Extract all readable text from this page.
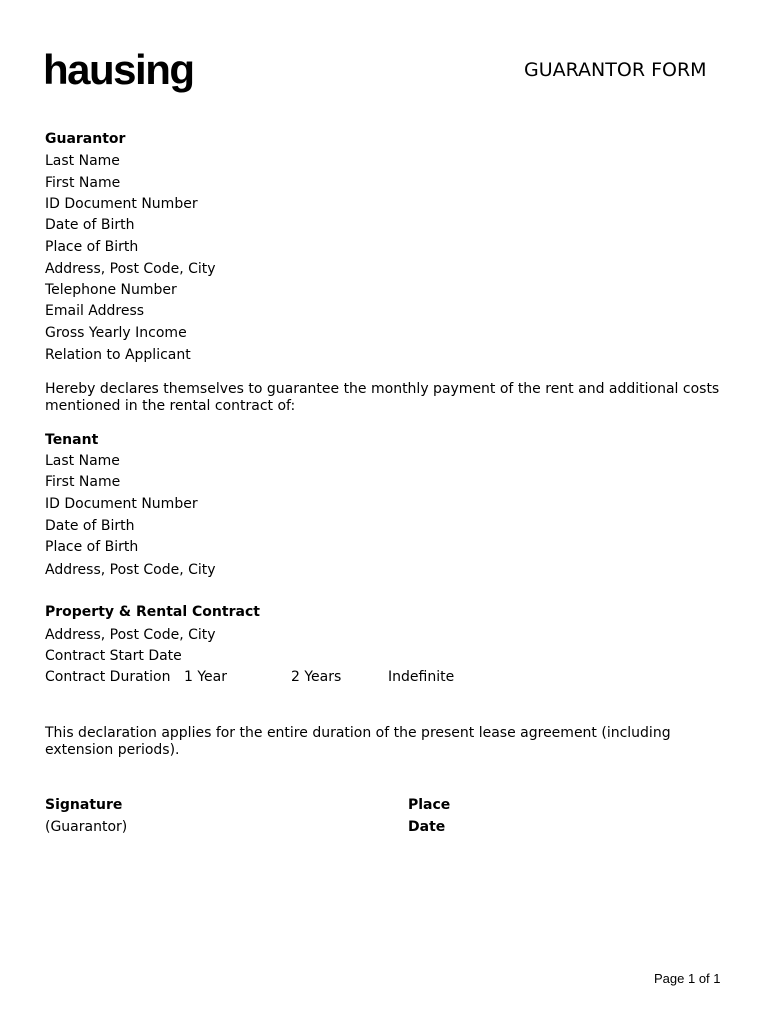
hausing	GUARANTOR FORM
Guarantor
Last Name
First Name
ID Document Number
Date of Birth
Place of Birth
Address, Post Code, City
Telephone Number
Email Address
Gross Yearly Income
Relation to Applicant
Hereby declares themselves to guarantee the monthly payment of the rent and additional costs mentioned in the rental contract of:
Tenant
Last Name
First Name
ID Document Number
Date of Birth
Place of Birth
Address, Post Code, City
Property & Rental Contract
Address, Post Code, City
Contract Start Date
Contract Duration 1 Year	2 Years	Indefinite
This declaration applies for the entire duration of the present lease agreement (including extension periods).
Signature
(Guarantor)
Place
Date
Page 1 of 1
